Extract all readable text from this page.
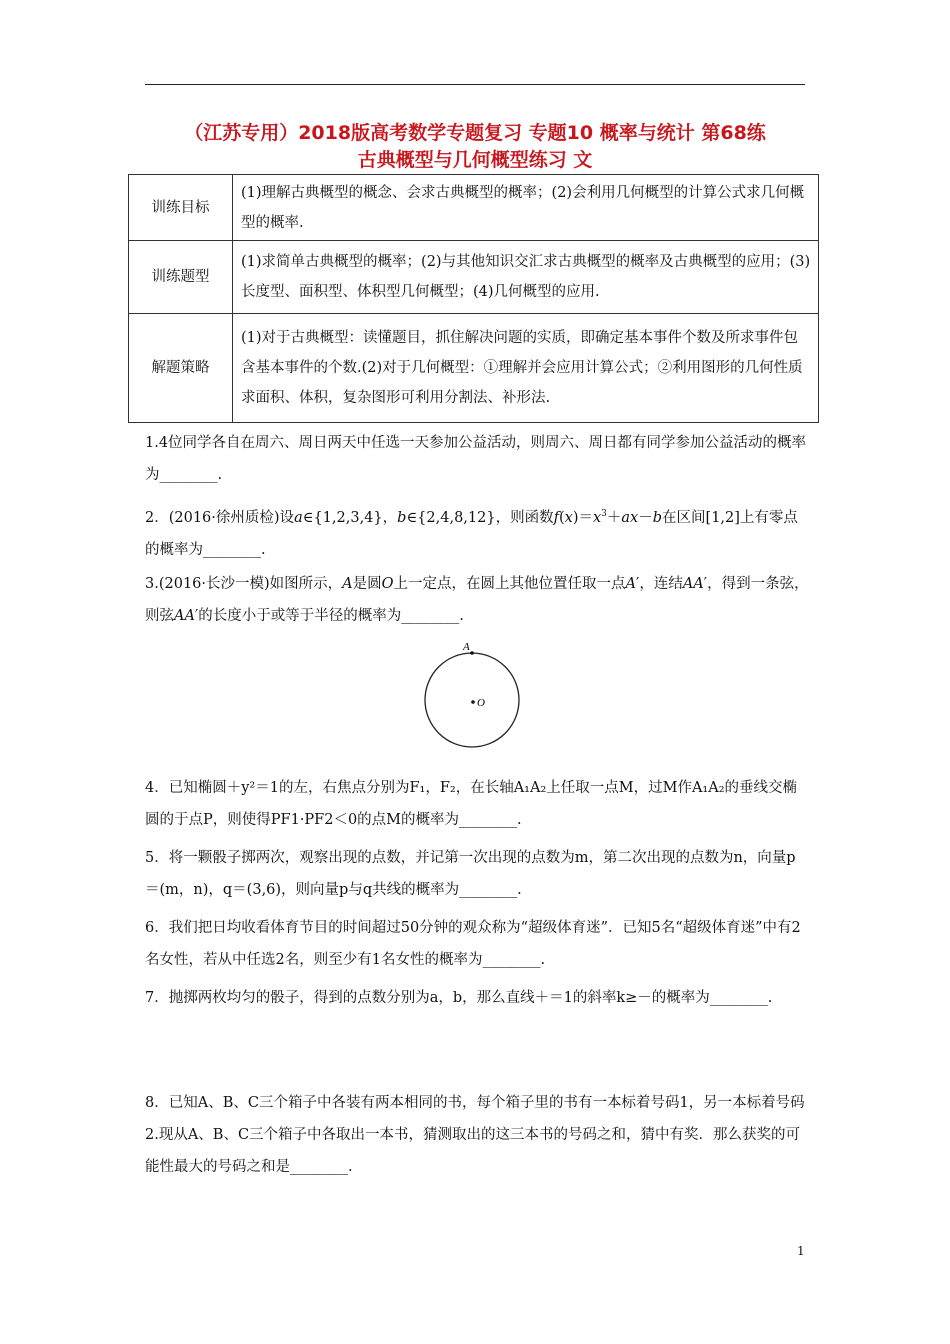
（江苏专用）2018版高考数学专题复习 专题10 概率与统计 第68练
古典概型与几何概型练习 文
训练目标	(1)理解古典概型的概念、会求古典概型的概率；(2)会利用几何概型的计算公式求几何概型的概率.
训练题型	(1)求简单古典概型的概率；(2)与其他知识交汇求古典概型的概率及古典概型的应用；(3)长度型、面积型、体积型几何概型；(4)几何概型的应用.
解题策略	(1)对于古典概型：读懂题目，抓住解决问题的实质，即确定基本事件个数及所求事件包含基本事件的个数.(2)对于几何概型：①理解并会应用计算公式；②利用图形的几何性质求面积、体积，复杂图形可利用分割法、补形法.
1.4位同学各自在周六、周日两天中任选一天参加公益活动，则周六、周日都有同学参加公益活动的概率为________.
2．(2016·徐州质检)设a∈{1,2,3,4}，b∈{2,4,8,12}，则函数$f(x)=x^3+ax-b$在区间[1,2]上有零点的概率为________.
3.(2016·长沙一模)如图所示，A是圆O上一定点，在圆上其他位置任取一点A′，连结AA′，得到一条弦，则弦AA′的长度小于或等于半径的概率为________.
A
O
4．已知椭圆＋y²＝1的左，右焦点分别为F₁，F₂，在长轴A₁A₂上任取一点M，过M作A₁A₂的垂线交椭圆的于点P，则使得PF1·PF2＜0的点M的概率为________.
5．将一颗骰子掷两次，观察出现的点数，并记第一次出现的点数为m，第二次出现的点数为n，向量p＝(m，n)，q＝(3,6)，则向量p与q共线的概率为________.
6．我们把日均收看体育节目的时间超过50分钟的观众称为“超级体育迷”．已知5名“超级体育迷”中有2名女性，若从中任选2名，则至少有1名女性的概率为________.
7．抛掷两枚均匀的骰子，得到的点数分别为a，b，那么直线＋＝1的斜率k≥－的概率为________.
8．已知A、B、C三个箱子中各装有两本相同的书，每个箱子里的书有一本标着号码1，另一本标着号码2.现从A、B、C三个箱子中各取出一本书，猜测取出的这三本书的号码之和，猜中有奖．那么获奖的可能性最大的号码之和是________.
1
